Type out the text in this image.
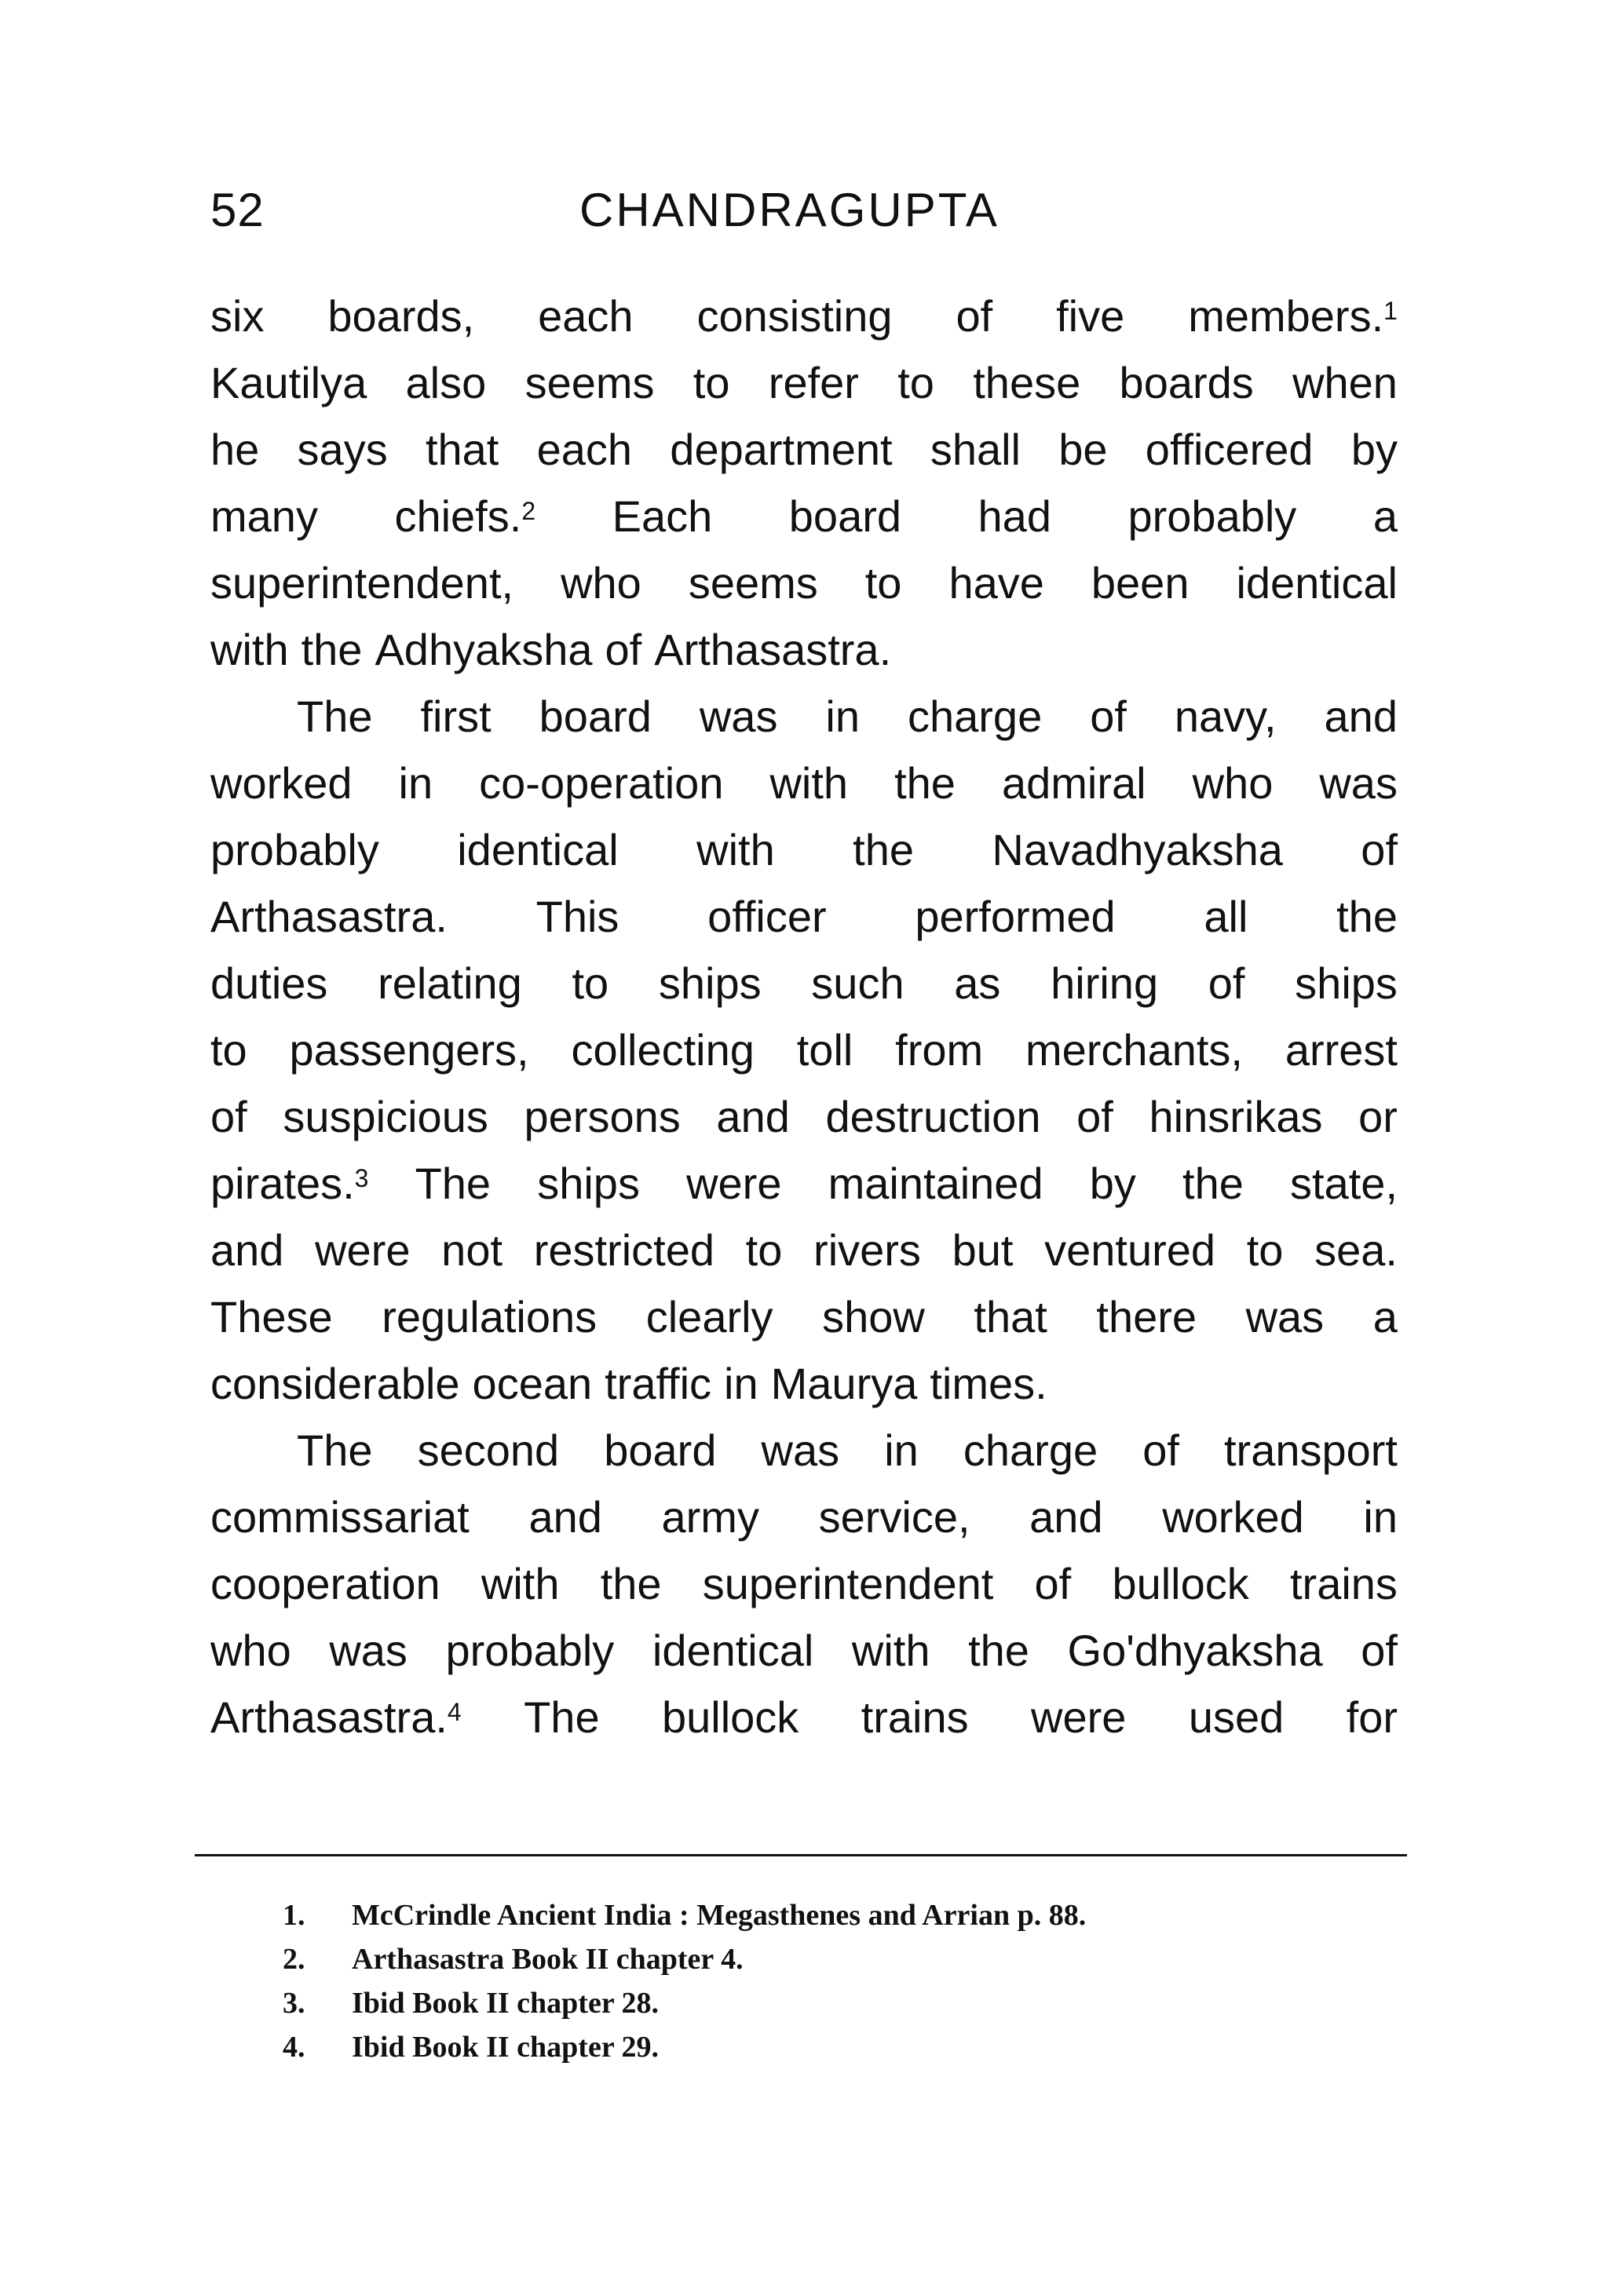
52	CHANDRAGUPTA
six boards, each consisting of five members.$^1$
Kautilya also seems to refer to these boards when
he says that each department shall be officered by
many chiefs.$^2$ Each board had probably a
superintendent, who seems to have been identical
with the Adhyaksha of Arthasastra.
The first board was in charge of navy, and
worked in co-operation with the admiral who was
probably identical with the Navadhyaksha of
Arthasastra. This officer performed all the
duties relating to ships such as hiring of ships
to passengers, collecting toll from merchants, arrest
of suspicious persons and destruction of hinsrikas or
pirates.$^3$ The ships were maintained by the state,
and were not restricted to rivers but ventured to sea.
These regulations clearly show that there was a
considerable ocean traffic in Maurya times.
The second board was in charge of transport
commissariat and army service, and worked in
cooperation with the superintendent of bullock trains
who was probably identical with the Go'dhyaksha of
Arthasastra.$^4$ The bullock trains were used for
1.	McCrindle Ancient India : Megasthenes and Arrian p. 88.
2.	Arthasastra Book II chapter 4.
3.	Ibid Book II chapter 28.
4.	Ibid Book II chapter 29.
